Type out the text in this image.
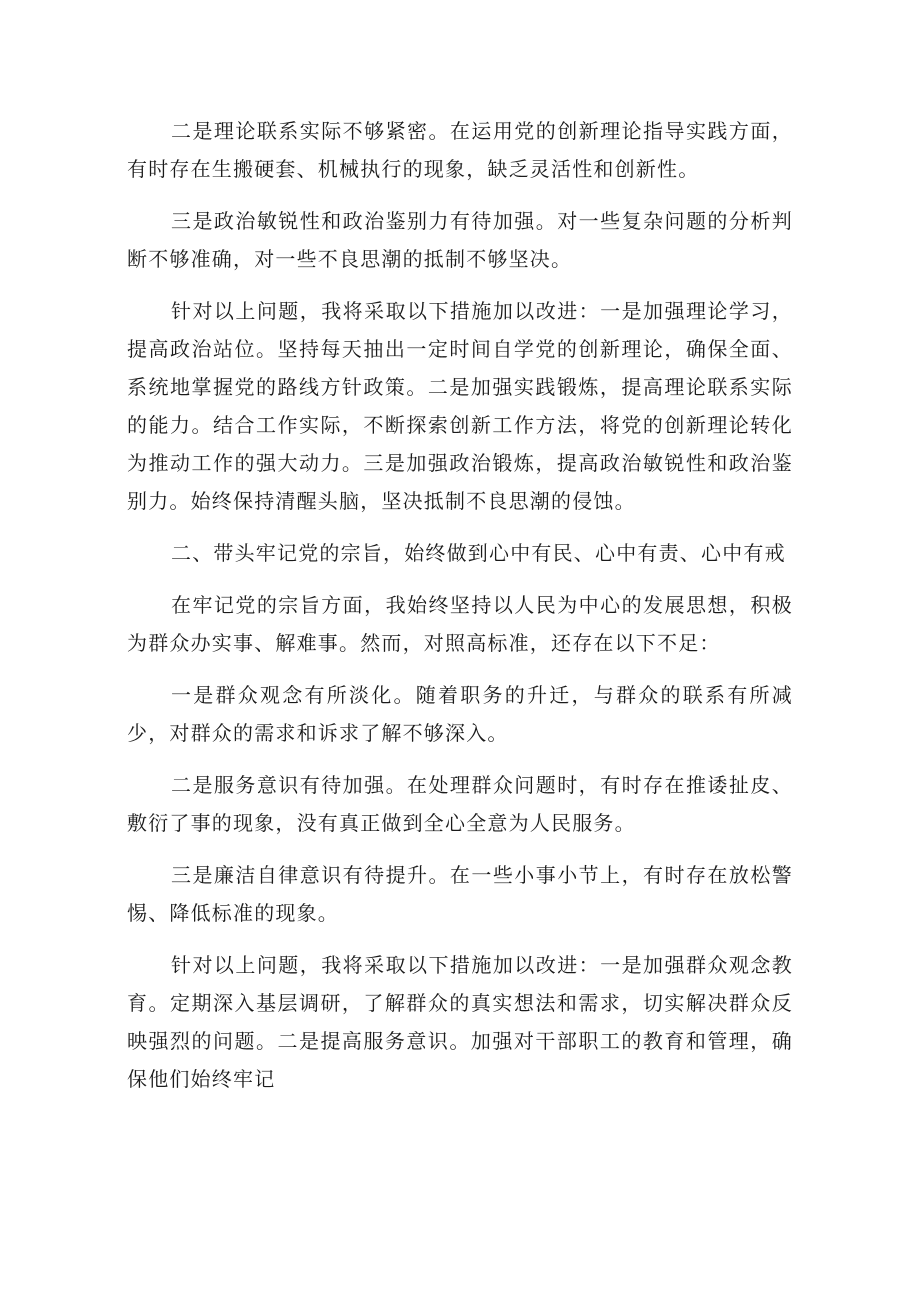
二是理论联系实际不够紧密。在运用党的创新理论指导实践方面，有时存在生搬硬套、机械执行的现象，缺乏灵活性和创新性。

三是政治敏锐性和政治鉴别力有待加强。对一些复杂问题的分析判断不够准确，对一些不良思潮的抵制不够坚决。

针对以上问题，我将采取以下措施加以改进：一是加强理论学习，提高政治站位。坚持每天抽出一定时间自学党的创新理论，确保全面、系统地掌握党的路线方针政策。二是加强实践锻炼，提高理论联系实际的能力。结合工作实际，不断探索创新工作方法，将党的创新理论转化为推动工作的强大动力。三是加强政治锻炼，提高政治敏锐性和政治鉴别力。始终保持清醒头脑，坚决抵制不良思潮的侵蚀。

二、带头牢记党的宗旨，始终做到心中有民、心中有责、心中有戒

在牢记党的宗旨方面，我始终坚持以人民为中心的发展思想，积极为群众办实事、解难事。然而，对照高标准，还存在以下不足：

一是群众观念有所淡化。随着职务的升迁，与群众的联系有所减少，对群众的需求和诉求了解不够深入。

二是服务意识有待加强。在处理群众问题时，有时存在推诿扯皮、敷衍了事的现象，没有真正做到全心全意为人民服务。

三是廉洁自律意识有待提升。在一些小事小节上，有时存在放松警惕、降低标准的现象。

针对以上问题，我将采取以下措施加以改进：一是加强群众观念教育。定期深入基层调研，了解群众的真实想法和需求，切实解决群众反映强烈的问题。二是提高服务意识。加强对干部职工的教育和管理，确保他们始终牢记
